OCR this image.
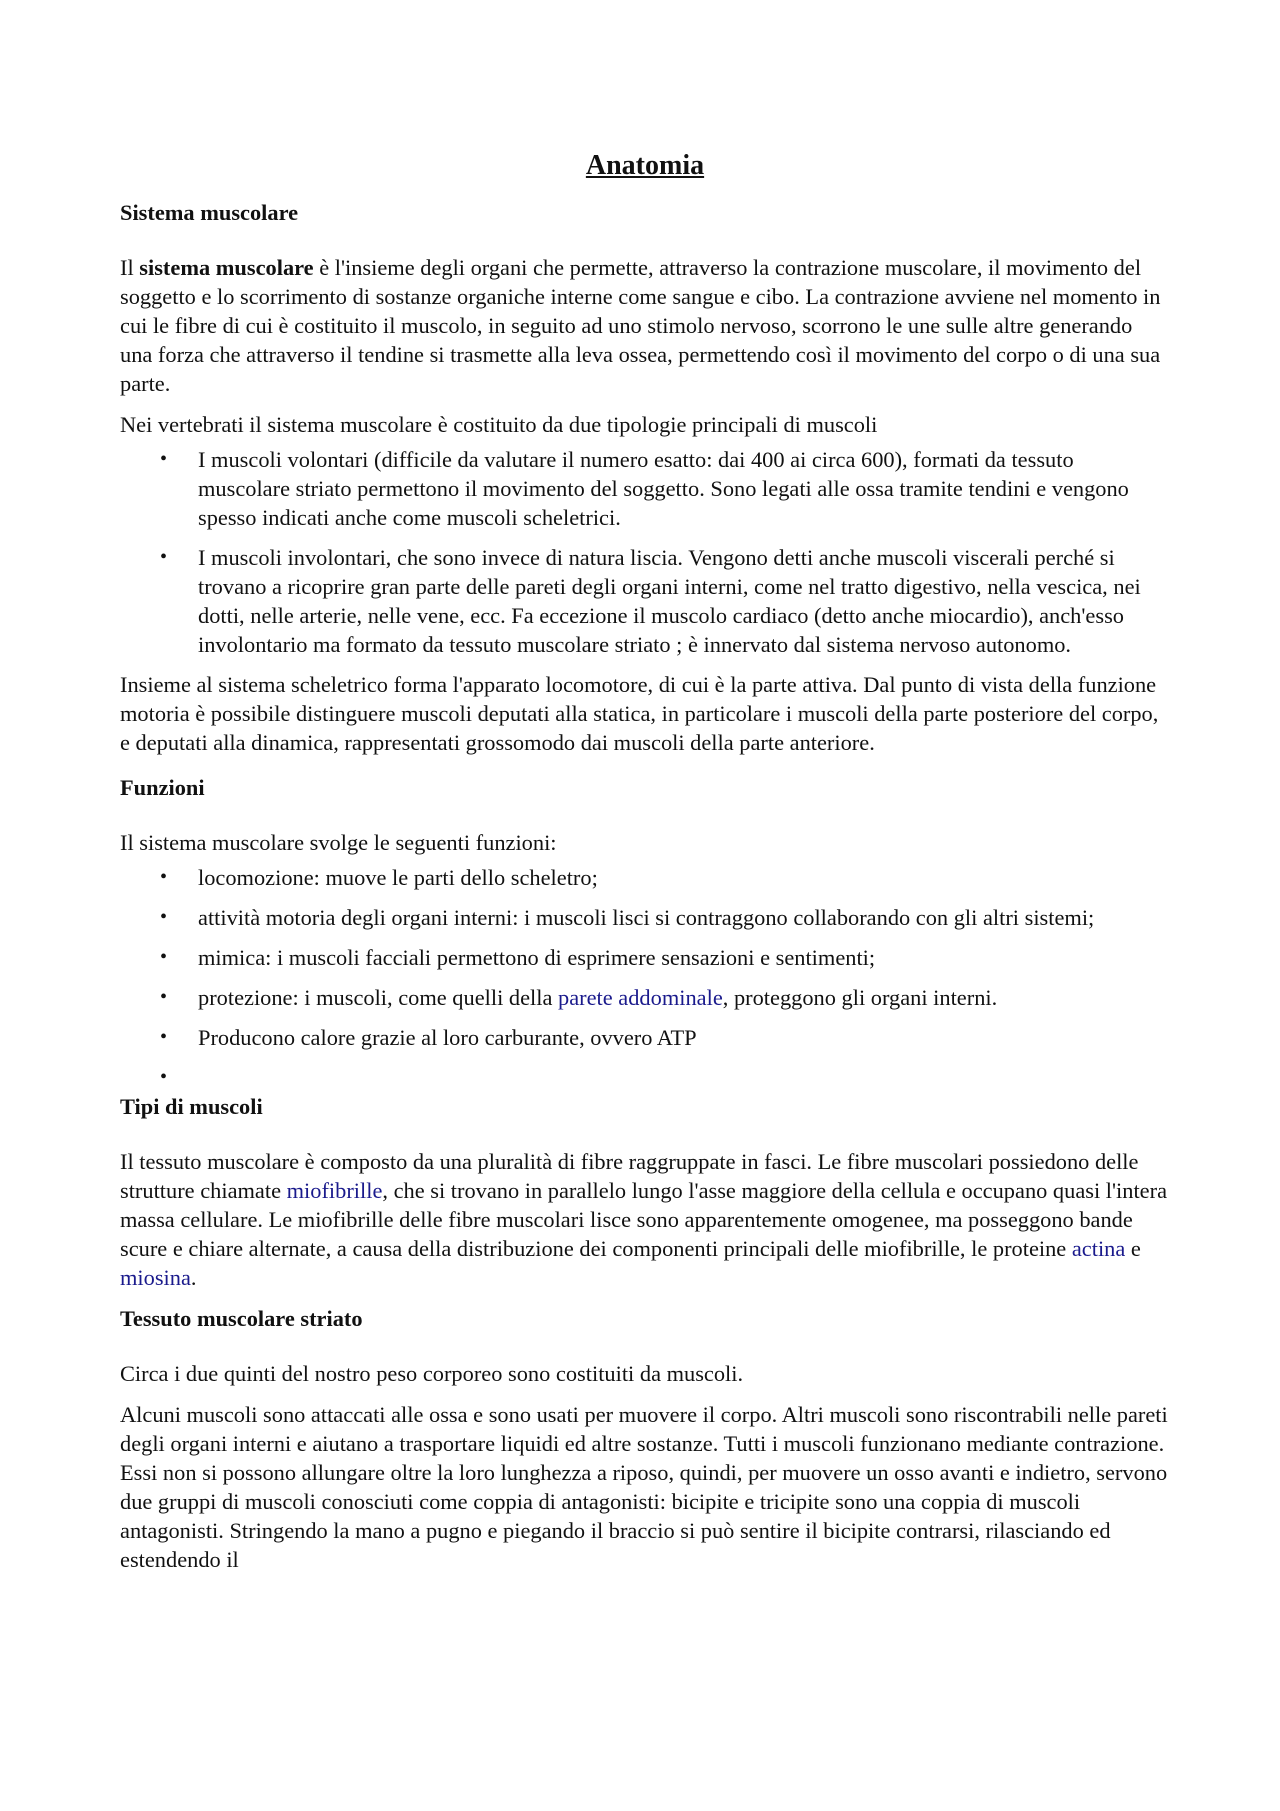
Anatomia
Sistema muscolare

Il sistema muscolare è l'insieme degli organi che permette, attraverso la contrazione muscolare, il movimento del soggetto e lo scorrimento di sostanze organiche interne come sangue e cibo. La contrazione avviene nel momento in cui le fibre di cui è costituito il muscolo, in seguito ad uno stimolo nervoso, scorrono le une sulle altre generando una forza che attraverso il tendine si trasmette alla leva ossea, permettendo così il movimento del corpo o di una sua parte.

Nei vertebrati il sistema muscolare è costituito da due tipologie principali di muscoli

• I muscoli volontari (difficile da valutare il numero esatto: dai 400 ai circa 600), formati da tessuto muscolare striato permettono il movimento del soggetto. Sono legati alle ossa tramite tendini e vengono spesso indicati anche come muscoli scheletrici.
• I muscoli involontari, che sono invece di natura liscia. Vengono detti anche muscoli viscerali perché si trovano a ricoprire gran parte delle pareti degli organi interni, come nel tratto digestivo, nella vescica, nei dotti, nelle arterie, nelle vene, ecc. Fa eccezione il muscolo cardiaco (detto anche miocardio), anch'esso involontario ma formato da tessuto muscolare striato ; è innervato dal sistema nervoso autonomo.

Insieme al sistema scheletrico forma l'apparato locomotore, di cui è la parte attiva. Dal punto di vista della funzione motoria è possibile distinguere muscoli deputati alla statica, in particolare i muscoli della parte posteriore del corpo, e deputati alla dinamica, rappresentati grossomodo dai muscoli della parte anteriore.

Funzioni

Il sistema muscolare svolge le seguenti funzioni:

• locomozione: muove le parti dello scheletro;
• attività motoria degli organi interni: i muscoli lisci si contraggono collaborando con gli altri sistemi;
• mimica: i muscoli facciali permettono di esprimere sensazioni e sentimenti;
• protezione: i muscoli, come quelli della parete addominale, proteggono gli organi interni.
• Producono calore grazie al loro carburante, ovvero ATP
•

Tipi di muscoli

Il tessuto muscolare è composto da una pluralità di fibre raggruppate in fasci. Le fibre muscolari possiedono delle strutture chiamate miofibrille, che si trovano in parallelo lungo l'asse maggiore della cellula e occupano quasi l'intera massa cellulare. Le miofibrille delle fibre muscolari lisce sono apparentemente omogenee, ma posseggono bande scure e chiare alternate, a causa della distribuzione dei componenti principali delle miofibrille, le proteine actina e miosina.

Tessuto muscolare striato

Circa i due quinti del nostro peso corporeo sono costituiti da muscoli.

Alcuni muscoli sono attaccati alle ossa e sono usati per muovere il corpo. Altri muscoli sono riscontrabili nelle pareti degli organi interni e aiutano a trasportare liquidi ed altre sostanze. Tutti i muscoli funzionano mediante contrazione. Essi non si possono allungare oltre la loro lunghezza a riposo, quindi, per muovere un osso avanti e indietro, servono due gruppi di muscoli conosciuti come coppia di antagonisti: bicipite e tricipite sono una coppia di muscoli antagonisti. Stringendo la mano a pugno e piegando il braccio si può sentire il bicipite contrarsi, rilasciando ed estendendo il
